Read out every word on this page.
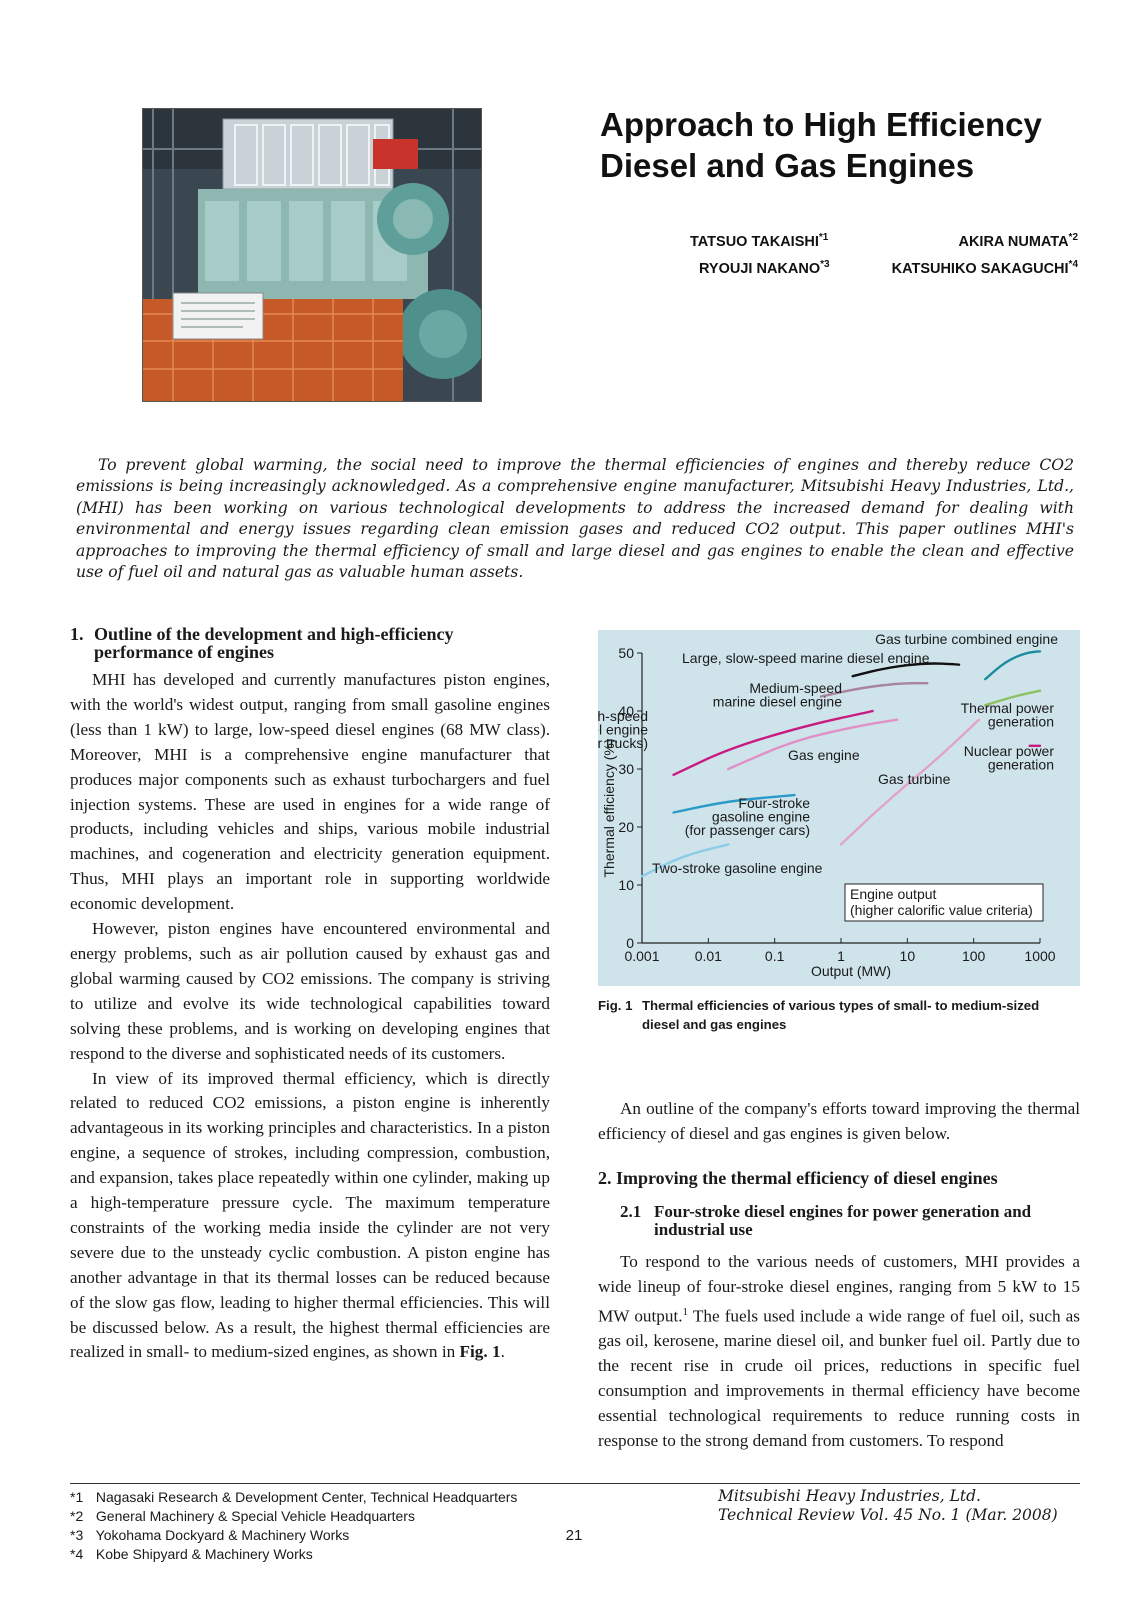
Approach to High Efficiency
Diesel and Gas Engines
TATSUO TAKAISHI$^{*1}$	AKIRA NUMATA$^{*2}$
RYOUJI NAKANO$^{*3}$	KATSUHIKO SAKAGUCHI$^{*4}$

To prevent global warming, the social need to improve the thermal efficiencies of engines and thereby reduce CO2 emissions is being increasingly acknowledged. As a comprehensive engine manufacturer, Mitsubishi Heavy Industries, Ltd., (MHI) has been working on various technological developments to address the increased demand for dealing with environmental and energy issues regarding clean emission gases and reduced CO2 output. This paper outlines MHI's approaches to improving the thermal efficiency of small and large diesel and gas engines to enable the clean and effective use of fuel oil and natural gas as valuable human assets.

1. Outline of the development and high-efficiency performance of engines

MHI has developed and currently manufactures piston engines, with the world's widest output, ranging from small gasoline engines (less than 1 kW) to large, low-speed diesel engines (68 MW class). Moreover, MHI is a comprehensive engine manufacturer that produces major components such as exhaust turbochargers and fuel injection systems. These are used in engines for a wide range of products, including vehicles and ships, various mobile industrial machines, and cogeneration and electricity generation equipment. Thus, MHI plays an important role in supporting worldwide economic development.

However, piston engines have encountered environmental and energy problems, such as air pollution caused by exhaust gas and global warming caused by CO2 emissions. The company is striving to utilize and evolve its wide technological capabilities toward solving these problems, and is working on developing engines that respond to the diverse and sophisticated needs of its customers.

In view of its improved thermal efficiency, which is directly related to reduced CO2 emissions, a piston engine is inherently advantageous in its working principles and characteristics. In a piston engine, a sequence of strokes, including compression, combustion, and expansion, takes place repeatedly within one cylinder, making up a high-temperature pressure cycle. The maximum temperature constraints of the working media inside the cylinder are not very severe due to the unsteady cyclic combustion. A piston engine has another advantage in that its thermal losses can be reduced because of the slow gas flow, leading to higher thermal efficiencies. This will be discussed below. As a result, the highest thermal efficiencies are realized in small- to medium-sized engines, as shown in Fig. 1.

0
10
20
30
40
50
0.001	0.01	0.1	1	10	100	1000
Output (MW)
Thermal efficiency (%)
Engine output
(higher calorific value criteria)
Gas turbine combined engine
Large, slow-speed marine diesel engine
Medium-speed
marine diesel engine	Thermal power
generation
h-speed
l engine
r trucks)
Gas engine	Nuclear power
generation
Gas turbine
Four-stroke
gasoline engine
(for passenger cars)
Two-stroke gasoline engine
Fig. 1 Thermal efficiencies of various types of small- to medium-sized diesel and gas engines

An outline of the company's efforts toward improving the thermal efficiency of diesel and gas engines is given below.

2. Improving the thermal efficiency of diesel engines
2.1 Four-stroke diesel engines for power generation and industrial use

To respond to the various needs of customers, MHI provides a wide lineup of four-stroke diesel engines, ranging from 5 kW to 15 MW output.$^1$ The fuels used include a wide range of fuel oil, such as gas oil, kerosene, marine diesel oil, and bunker fuel oil. Partly due to the recent rise in crude oil prices, reductions in specific fuel consumption and improvements in thermal efficiency have become essential technological requirements to reduce running costs in response to the strong demand from customers. To respond

*1 Nagasaki Research & Development Center, Technical Headquarters
*2 General Machinery & Special Vehicle Headquarters
*3 Yokohama Dockyard & Machinery Works
*4 Kobe Shipyard & Machinery Works
21
Mitsubishi Heavy Industries, Ltd.
Technical Review Vol. 45 No. 1 (Mar. 2008)
